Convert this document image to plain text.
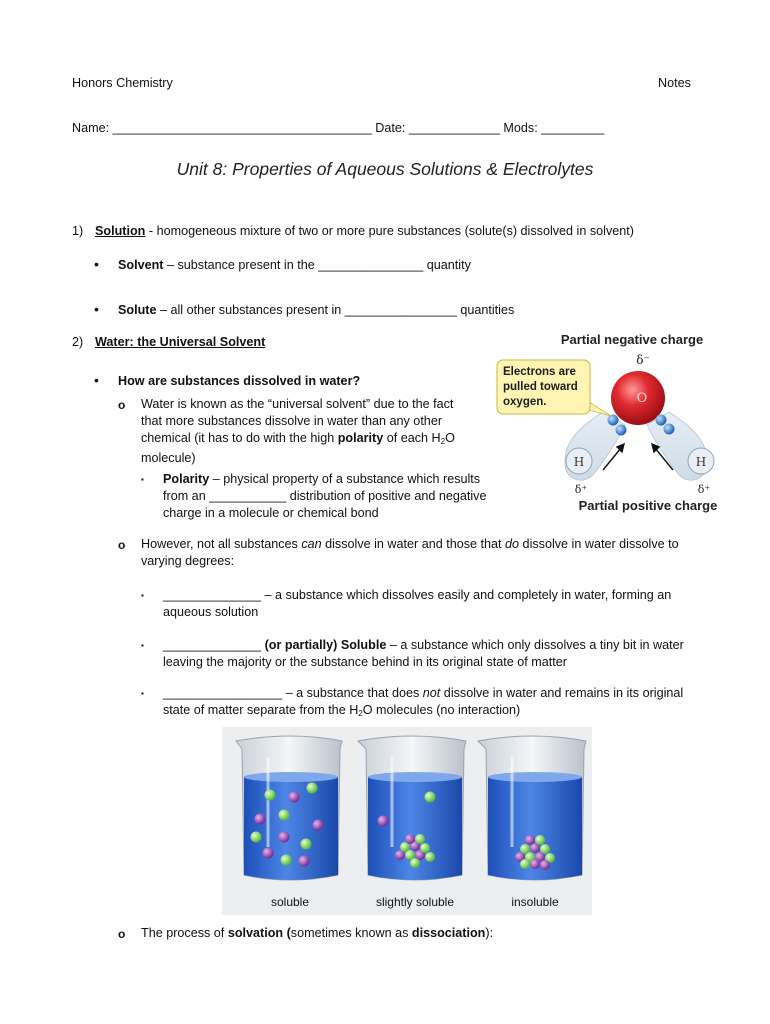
Honors Chemistry	Notes
Name: _____________________________________ Date: _____________ Mods: _________
Unit 8: Properties of Aqueous Solutions & Electrolytes
1) Solution - homogeneous mixture of two or more pure substances (solute(s) dissolved in solvent)
• Solvent – substance present in the _______________ quantity
• Solute – all other substances present in ________________ quantities
2) Water: the Universal Solvent
• How are substances dissolved in water?
o Water is known as the “universal solvent” due to the fact that more substances dissolve in water than any other chemical (it has to do with the high polarity of each $H_2O$ molecule)
▪ Polarity – physical property of a substance which results from an ___________ distribution of positive and negative charge in a molecule or chemical bond
Partial negative charge
δ⁻
O
H	H
δ⁺	δ⁺
Electrons are
pulled toward
oxygen.
Partial positive charge
o However, not all substances can dissolve in water and those that do dissolve in water dissolve to varying degrees:
▪ ______________ – a substance which dissolves easily and completely in water, forming an aqueous solution
▪ ______________ (or partially) Soluble – a substance which only dissolves a tiny bit in water leaving the majority or the substance behind in its original state of matter
▪ _________________ – a substance that does not dissolve in water and remains in its original state of matter separate from the $H_2O$ molecules (no interaction)
soluble	slightly soluble	insoluble
o The process of solvation (sometimes known as dissociation):
